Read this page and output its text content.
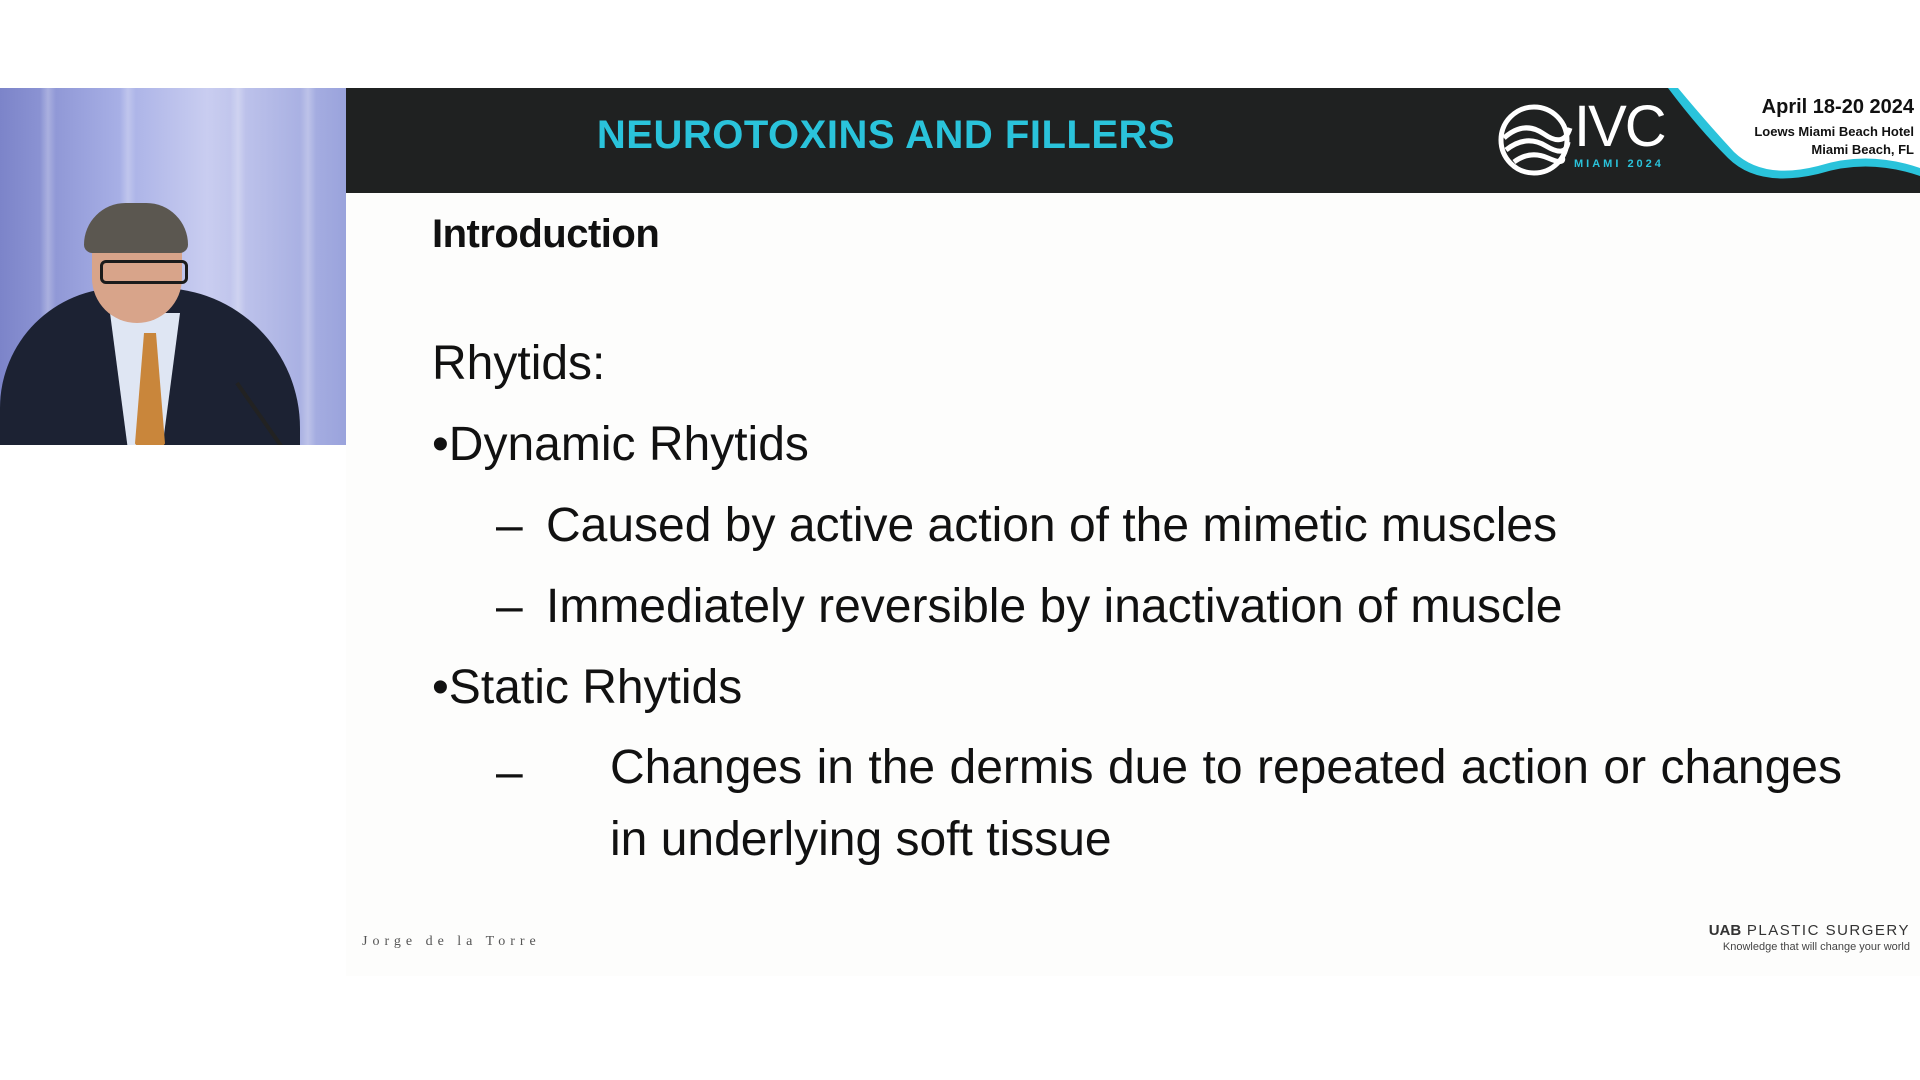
NEUROTOXINS AND FILLERS	IVC
MIAMI 2024
April 18-20 2024
Loews Miami Beach Hotel
Miami Beach, FL
Introduction
Rhytids:
•Dynamic Rhytids
– Caused by active action of the mimetic muscles
– Immediately reversible by inactivation of muscle
•Static Rhytids
–	Changes in the dermis due to repeated action or changes in underlying soft tissue
Jorge de la Torre
UAB PLASTIC SURGERY
Knowledge that will change your world
